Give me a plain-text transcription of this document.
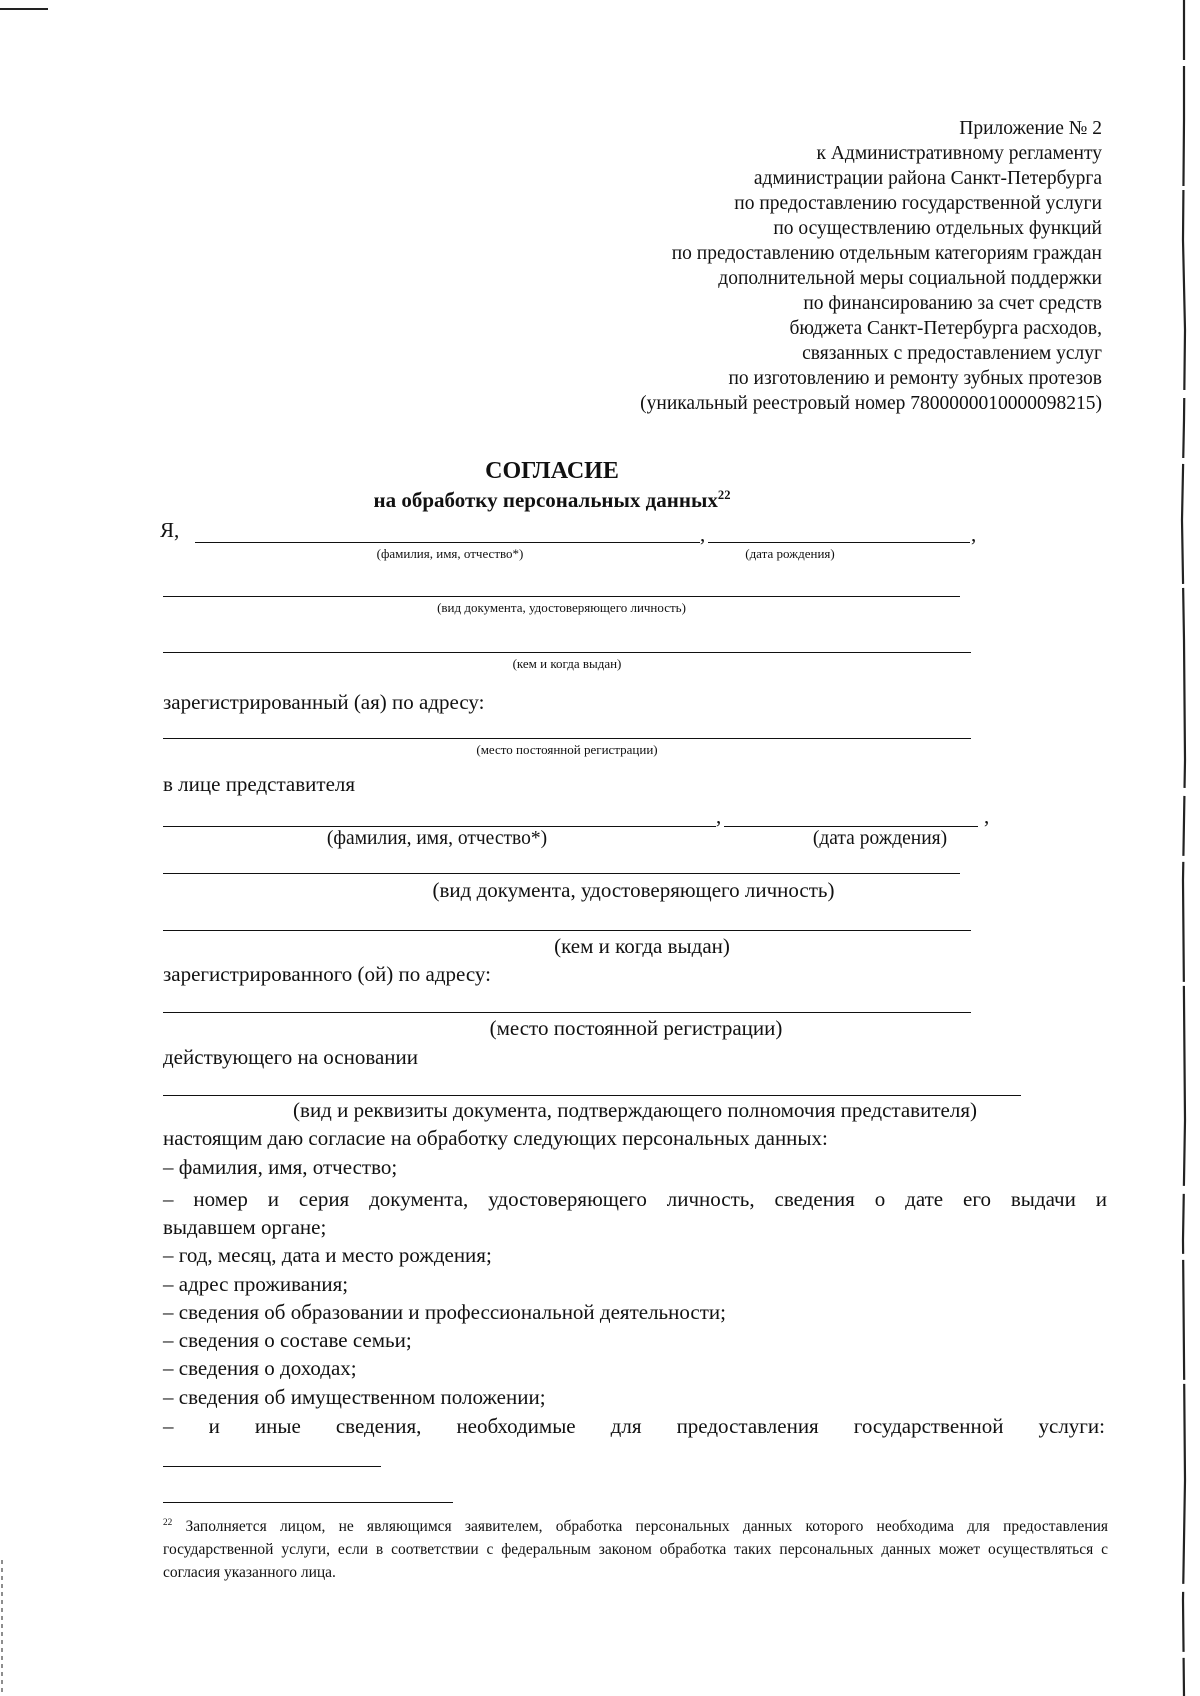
Приложение № 2
к Административному регламенту
администрации района Санкт-Петербурга
по предоставлению государственной услуги
по осуществлению отдельных функций
по предоставлению отдельным категориям граждан
дополнительной меры социальной поддержки
по финансированию за счет средств
бюджета Санкт-Петербурга расходов,
связанных с предоставлением услуг
по изготовлению и ремонту зубных протезов
(уникальный реестровый номер 7800000010000098215)
СОГЛАСИЕ
на обработку персональных данных$^{22}$
Я,	,	,
(фамилия, имя, отчество*)	(дата рождения)
(вид документа, удостоверяющего личность)
(кем и когда выдан)
зарегистрированный (ая) по адресу:
(место постоянной регистрации)
в лице представителя
,	,
(фамилия, имя, отчество*)	(дата рождения)
(вид документа, удостоверяющего личность)
(кем и когда выдан)
зарегистрированного (ой) по адресу:
(место постоянной регистрации)
действующего на основании
(вид и реквизиты документа, подтверждающего полномочия представителя)
настоящим даю согласие на обработку следующих персональных данных:
– фамилия, имя, отчество;
– номер и серия документа, удостоверяющего личность, сведения о дате его выдачи и
выдавшем органе;
– год, месяц, дата и место рождения;
– адрес проживания;
– сведения об образовании и профессиональной деятельности;
– сведения о составе семьи;
– сведения о доходах;
– сведения об имущественном положении;
– и иные сведения, необходимые для предоставления государственной услуги:
$^{22}$ Заполняется лицом, не являющимся заявителем, обработка персональных данных которого необходима для предоставления государственной услуги, если в соответствии с федеральным законом обработка таких персональных данных может осуществляться с согласия указанного лица.
